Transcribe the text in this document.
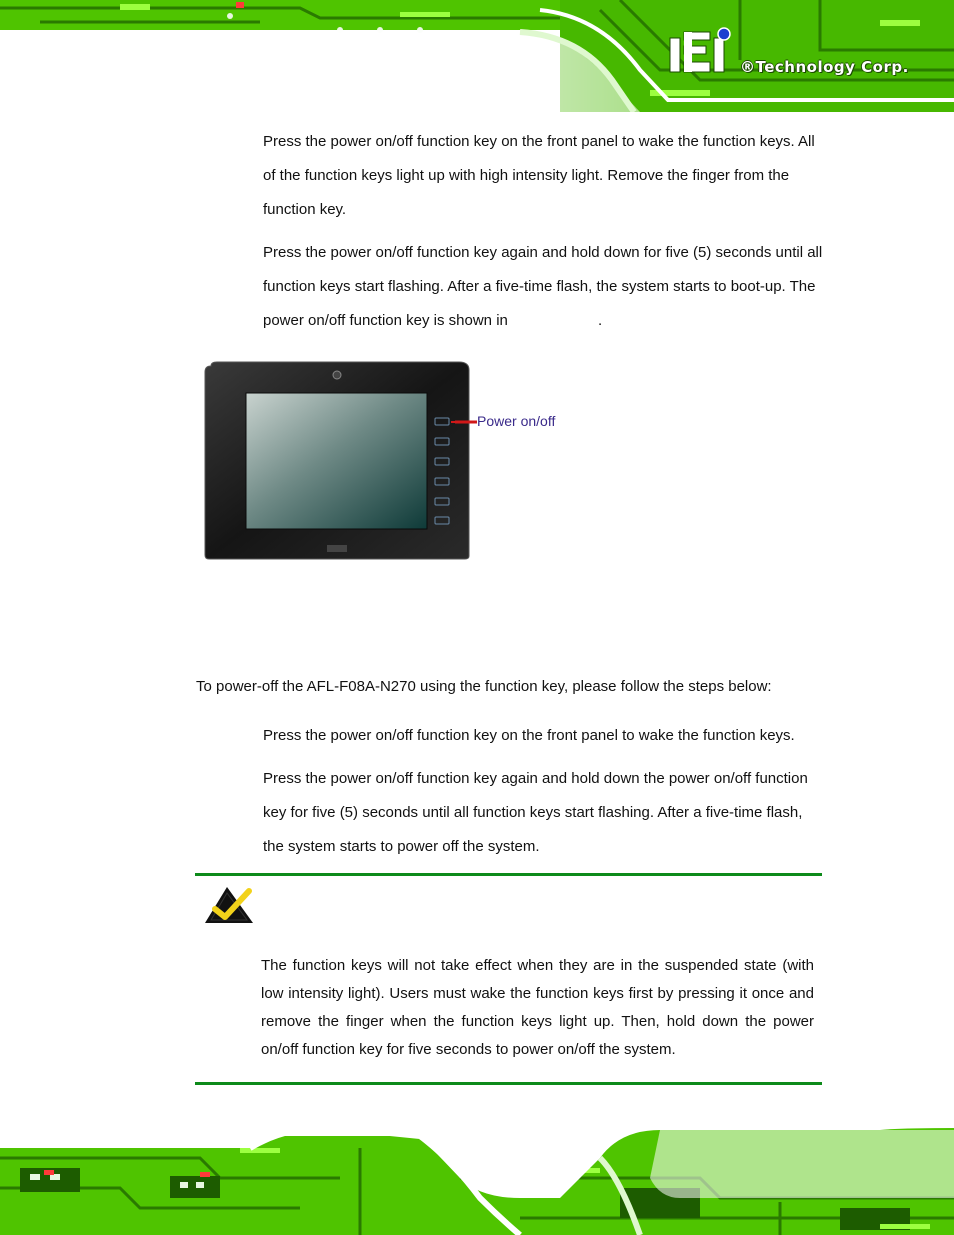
®Technology Corp.

Press the power on/off function key on the front panel to wake the function keys. All of the function keys light up with high intensity light. Remove the finger from the function key.

Press the power on/off function key again and hold down for five (5) seconds until all function keys start flashing. After a five-time flash, the system starts to boot-up. The power on/off function key is shown in	.

Power on/off

To power-off the AFL-F08A-N270 using the function key, please follow the steps below:

Press the power on/off function key on the front panel to wake the function keys.

Press the power on/off function key again and hold down the power on/off function key for five (5) seconds until all function keys start flashing. After a five-time flash, the system starts to power off the system.

The function keys will not take effect when they are in the suspended state (with low intensity light). Users must wake the function keys first by pressing it once and remove the finger when the function keys light up. Then, hold down the power on/off function key for five seconds to power on/off the system.
